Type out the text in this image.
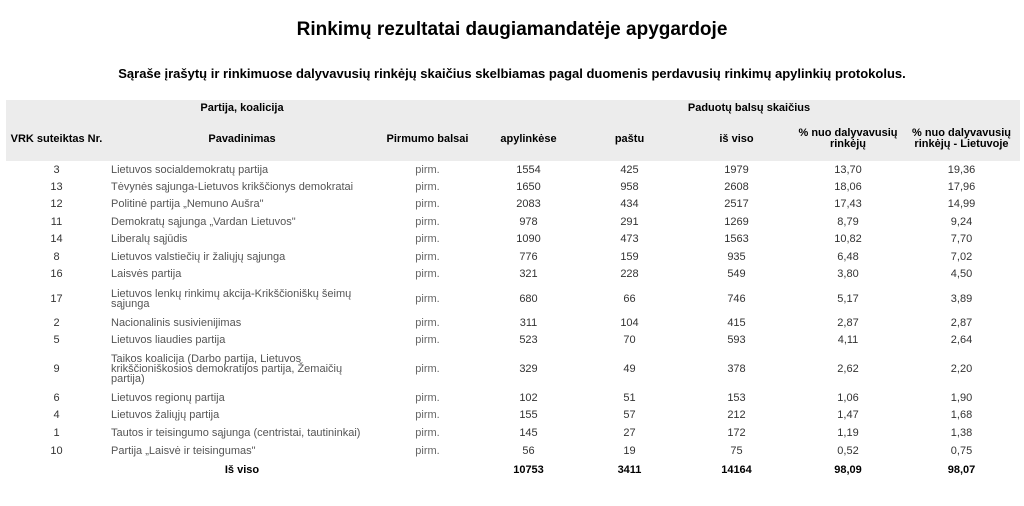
Rinkimų rezultatai daugiamandatėje apygardoje
Sąraše įrašytų ir rinkimuose dalyvavusių rinkėjų skaičius skelbiamas pagal duomenis perdavusių rinkimų apylinkių protokolus.
Partija, koalicija			Paduotų balsų skaičius				
VRK suteiktas Nr.	Pavadinimas	Pirmumo balsai	apylinkėse	paštu	iš viso	% nuo dalyvavusių rinkėjų	% nuo dalyvavusių rinkėjų - Lietuvoje
3	Lietuvos socialdemokratų partija	pirm.	1554	425	1979	13,70	19,36
13	Tėvynės sąjunga-Lietuvos krikščionys demokratai	pirm.	1650	958	2608	18,06	17,96
12	Politinė partija „Nemuno Aušra"	pirm.	2083	434	2517	17,43	14,99
11	Demokratų sąjunga „Vardan Lietuvos"	pirm.	978	291	1269	8,79	9,24
14	Liberalų sąjūdis	pirm.	1090	473	1563	10,82	7,70
8	Lietuvos valstiečių ir žaliųjų sąjunga	pirm.	776	159	935	6,48	7,02
16	Laisvės partija	pirm.	321	228	549	3,80	4,50
17	Lietuvos lenkų rinkimų akcija-Krikščioniškų šeimų sąjunga	pirm.	680	66	746	5,17	3,89
2	Nacionalinis susivienijimas	pirm.	311	104	415	2,87	2,87
5	Lietuvos liaudies partija	pirm.	523	70	593	4,11	2,64
9	Taikos koalicija (Darbo partija, Lietuvos krikščioniškosios demokratijos partija, Žemaičių partija)	pirm.	329	49	378	2,62	2,20
6	Lietuvos regionų partija	pirm.	102	51	153	1,06	1,90
4	Lietuvos žaliųjų partija	pirm.	155	57	212	1,47	1,68
1	Tautos ir teisingumo sąjunga (centristai, tautininkai)	pirm.	145	27	172	1,19	1,38
10	Partija „Laisvė ir teisingumas"	pirm.	56	19	75	0,52	0,75
	Iš viso		10753	3411	14164	98,09	98,07
